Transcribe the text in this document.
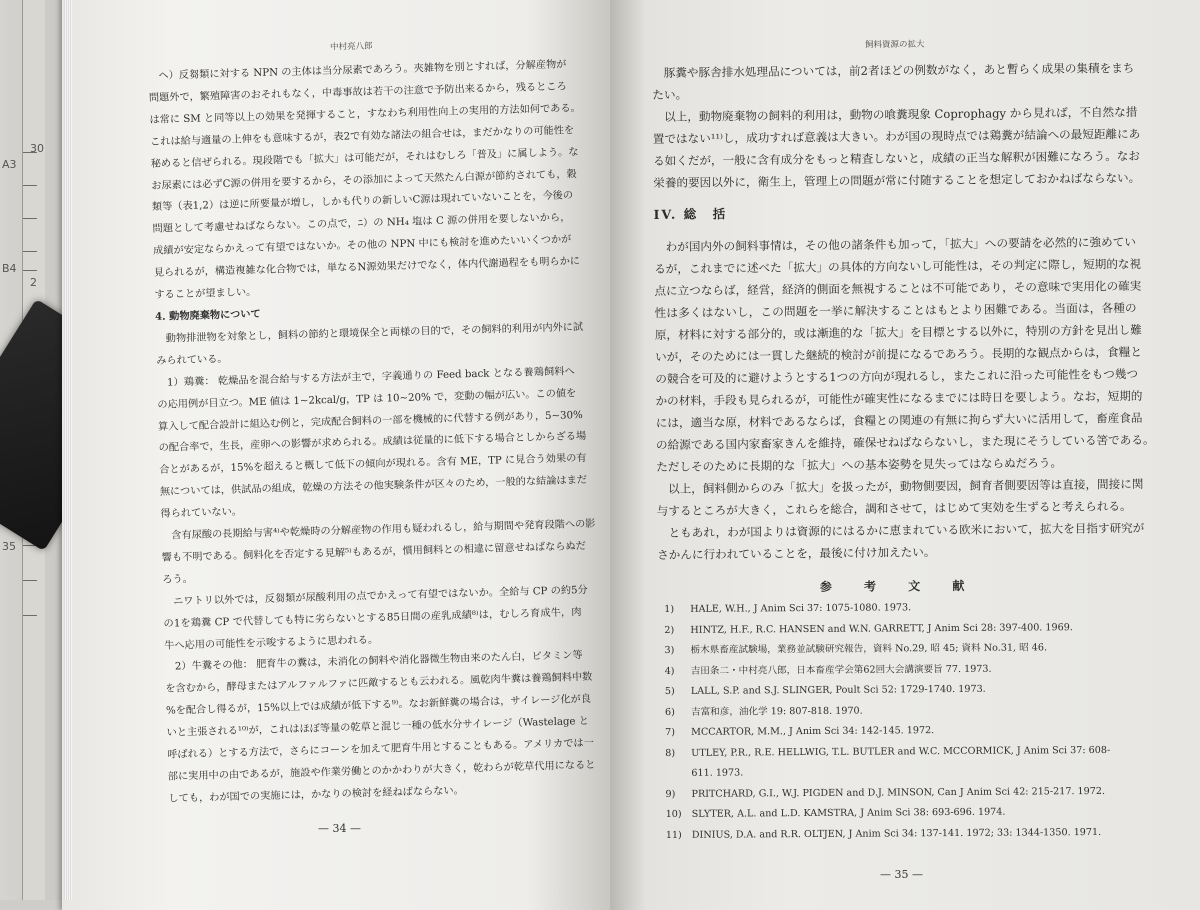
A3
30
B4
2
35
中村亮八郎
ヘ）反芻類に対する NPN の主体は当分尿素であろう。夾雑物を別とすれば，分解産物が
問題外で，繁殖障害のおそれもなく，中毒事故は若干の注意で予防出来るから，残るところ
は常に SM と同等以上の効果を発揮すること，すなわち利用性向上の実用的方法如何である。
これは給与適量の上伸をも意味するが，表2で有効な諸法の組合せは，まだかなりの可能性を
秘めると信ぜられる。現段階でも「拡大」は可能だが，それはむしろ「普及」に属しよう。な
お尿素には必ずC源の併用を要するから，その添加によって天然たん白源が節約されても，穀
類等（表1,2）は逆に所要量が増し，しかも代りの新しいC源は現れていないことを，今後の
問題として考慮せねばならない。この点で，ﾆ）の NH₄ 塩は C 源の併用を要しないから，
成績が安定ならかえって有望ではないか。その他の NPN 中にも検討を進めたいいくつかが
見られるが，構造複雑な化合物では，単なるN源効果だけでなく，体内代謝過程をも明らかに
することが望ましい。
4. 動物廃棄物について
動物排泄物を対象とし，飼料の節約と環境保全と両様の目的で，その飼料的利用が内外に試
みられている。
1）鶏糞： 乾燥品を混合給与する方法が主で，字義通りの Feed back となる養鶏飼料へ
の応用例が目立つ。ME 値は 1~2kcal/g，TP は 10~20% で，変動の幅が広い。この値を
算入して配合設計に組込む例と，完成配合飼料の一部を機械的に代替する例があり，5~30%
の配合率で，生長，産卵への影響が求められる。成績は従量的に低下する場合としからざる場
合とがあるが，15%を超えると概して低下の傾向が現れる。含有 ME，TP に見合う効果の有
無については，供試品の組成，乾燥の方法その他実験条件が区々のため，一般的な結論はまだ
得られていない。
含有尿酸の長期給与害⁴⁾や乾燥時の分解産物の作用も疑われるし，給与期間や発育段階への影
響も不明である。飼料化を否定する見解⁵⁾もあるが，慣用飼料との相違に留意せねばならぬだ
ろう。
ニワトリ以外では，反芻類が尿酸利用の点でかえって有望ではないか。全給与 CP の約5分
の1を鶏糞 CP で代替しても特に劣らないとする85日間の産乳成績⁸⁾は，むしろ育成牛，肉
牛へ応用の可能性を示唆するように思われる。
2）牛糞その他： 肥育牛の糞は，未消化の飼料や消化器微生物由来のたん白，ビタミン等
を含むから，酵母またはアルファルファに匹敵するとも云われる。風乾肉牛糞は養鶏飼料中数
%を配合し得るが，15%以上では成績が低下する⁹⁾。なお新鮮糞の場合は，サイレージ化が良
いと主張される¹⁰⁾が，これはほぼ等量の乾草と混じ一種の低水分サイレージ（Wastelage と
呼ばれる）とする方法で，さらにコーンを加えて肥育牛用とすることもある。アメリカでは一
部に実用中の由であるが，施設や作業労働とのかかわりが大きく，乾わらが乾草代用になると
しても，わが国での実施には，かなりの検討を経ねばならない。
— 34 —
飼料資源の拡大
豚糞や豚舎排水処理品については，前2者ほどの例数がなく，あと暫らく成果の集積をまち
たい。
以上，動物廃棄物の飼料的利用は，動物の喰糞現象 Coprophagy から見れば，不自然な措
置ではない¹¹⁾し，成功すれば意義は大きい。わが国の現時点では鶏糞が結論への最短距離にあ
る如くだが，一般に含有成分をもっと精査しないと，成績の正当な解釈が困難になろう。なお
栄養的要因以外に，衛生上，管理上の問題が常に付随することを想定しておかねばならない。
IV. 総　括
わが国内外の飼料事情は，その他の諸条件も加って，「拡大」への要請を必然的に強めてい
るが，これまでに述べた「拡大」の具体的方向ないし可能性は，その判定に際し，短期的な視
点に立つならば，経営，経済的側面を無視することは不可能であり，その意味で実用化の確実
性は多くはないし，この問題を一挙に解決することはもとより困難である。当面は，各種の
原，材料に対する部分的，或は漸進的な「拡大」を目標とする以外に，特別の方針を見出し難
いが，そのためには一貫した継続的検討が前提になるであろう。長期的な観点からは，食糧と
の競合を可及的に避けようとする1つの方向が現れるし，またこれに沿った可能性をもつ幾つ
かの材料，手段も見られるが，可能性が確実性になるまでには時日を要しよう。なお，短期的
には，適当な原，材料であるならば，食糧との関連の有無に拘らず大いに活用して，畜産食品
の給源である国内家畜家きんを維持，確保せねばならないし，また現にそうしている筈である。
ただしそのために長期的な「拡大」への基本姿勢を見失ってはならぬだろう。
以上，飼料側からのみ「拡大」を扱ったが，動物側要因，飼育者側要因等は直接，間接に関
与するところが大きく，これらを総合，調和させて，はじめて実効を生ずると考えられる。
ともあれ，わが国よりは資源的にはるかに恵まれている欧米において，拡大を目指す研究が
さかんに行われていることを，最後に付け加えたい。
参 考 文 献
1)	HALE, W.H., J Anim Sci 37: 1075-1080. 1973.
2)	HINTZ, H.F., R.C. HANSEN and W.N. GARRETT, J Anim Sci 28: 397-400. 1969.
3)	栃木県畜産試験場，業務並試験研究報告，資料 No.29, 昭 45; 資料 No.31, 昭 46.
4)	吉田条二・中村亮八郎，日本畜産学会第62回大会講演要旨 77. 1973.
5)	LALL, S.P. and S.J. SLINGER, Poult Sci 52: 1729-1740. 1973.
6)	吉富和彦，油化学 19: 807-818. 1970.
7)	MCCARTOR, M.M., J Anim Sci 34: 142-145. 1972.
8)	UTLEY, P.R., R.E. HELLWIG, T.L. BUTLER and W.C. MCCORMICK, J Anim Sci 37: 608-
611. 1973.
9)	PRITCHARD, G.I., W.J. PIGDEN and D.J. MINSON, Can J Anim Sci 42: 215-217. 1972.
10)	SLYTER, A.L. and L.D. KAMSTRA, J Anim Sci 38: 693-696. 1974.
11)	DINIUS, D.A. and R.R. OLTJEN, J Anim Sci 34: 137-141. 1972; 33: 1344-1350. 1971.
— 35 —
